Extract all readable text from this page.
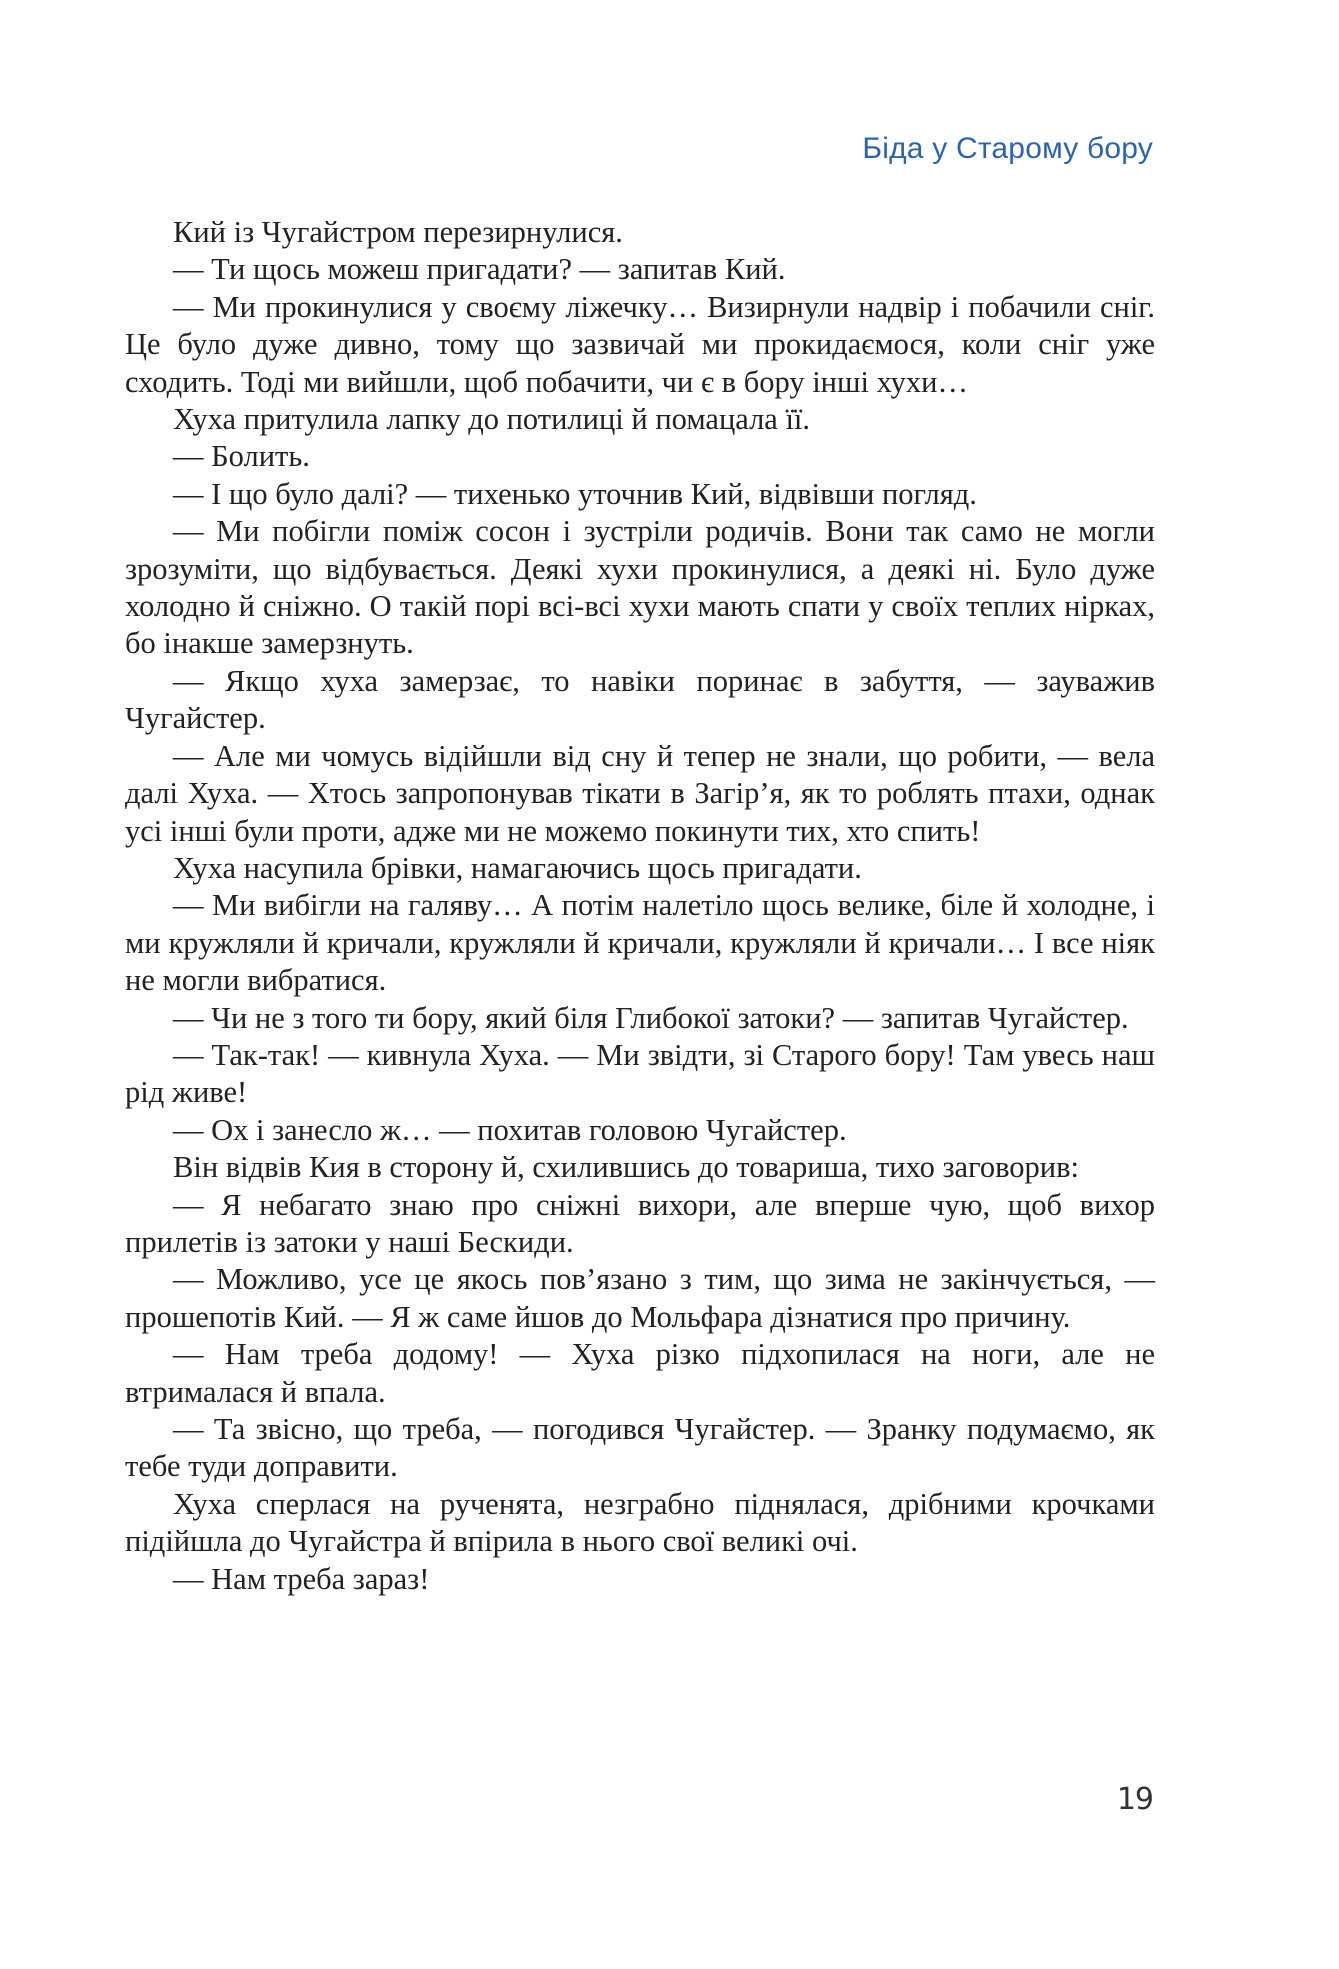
Біда у Старому бору

Кий із Чугайстром перезирнулися.

— Ти щось можеш пригадати? — запитав Кий.

— Ми прокинулися у своєму ліжечку… Визирнули надвір і побачили сніг. Це було дуже дивно, тому що зазвичай ми прокидаємося, коли сніг уже сходить. Тоді ми вийшли, щоб побачити, чи є в бору інші хухи…

Хуха притулила лапку до потилиці й помацала її.

— Болить.

— І що було далі? — тихенько уточнив Кий, відвівши погляд.

— Ми побігли поміж сосон і зустріли родичів. Вони так само не могли зрозуміти, що відбувається. Деякі хухи прокинулися, а деякі ні. Було дуже холодно й сніжно. О такій порі всі-всі хухи мають спати у своїх теплих нірках, бо інакше замерзнуть.

— Якщо хуха замерзає, то навіки поринає в забуття, — зауважив Чугайстер.

— Але ми чомусь відійшли від сну й тепер не знали, що робити, — вела далі Хуха. — Хтось запропонував тікати в Загір’я, як то роблять птахи, однак усі інші були проти, адже ми не можемо покинути тих, хто спить!

Хуха насупила брівки, намагаючись щось пригадати.

— Ми вибігли на галяву… А потім налетіло щось велике, біле й холодне, і ми кружляли й кричали, кружляли й кричали, кружляли й кричали… І все ніяк не могли вибратися.

— Чи не з того ти бору, який біля Глибокої затоки? — запитав Чугайстер.

— Так-так! — кивнула Хуха. — Ми звідти, зі Старого бору! Там увесь наш рід живе!

— Ох і занесло ж… — похитав головою Чугайстер.

Він відвів Кия в сторону й, схилившись до товариша, тихо заговорив:

— Я небагато знаю про сніжні вихори, але вперше чую, щоб вихор прилетів із затоки у наші Бескиди.

— Можливо, усе це якось пов’язано з тим, що зима не закінчується, — прошепотів Кий. — Я ж саме йшов до Мольфара дізнатися про причину.

— Нам треба додому! — Хуха різко підхопилася на ноги, але не втрималася й впала.

— Та звісно, що треба, — погодився Чугайстер. — Зранку подумаємо, як тебе туди доправити.

Хуха сперлася на рученята, незграбно піднялася, дрібними крочками підійшла до Чугайстра й впірила в нього свої великі очі.

— Нам треба зараз!

19
